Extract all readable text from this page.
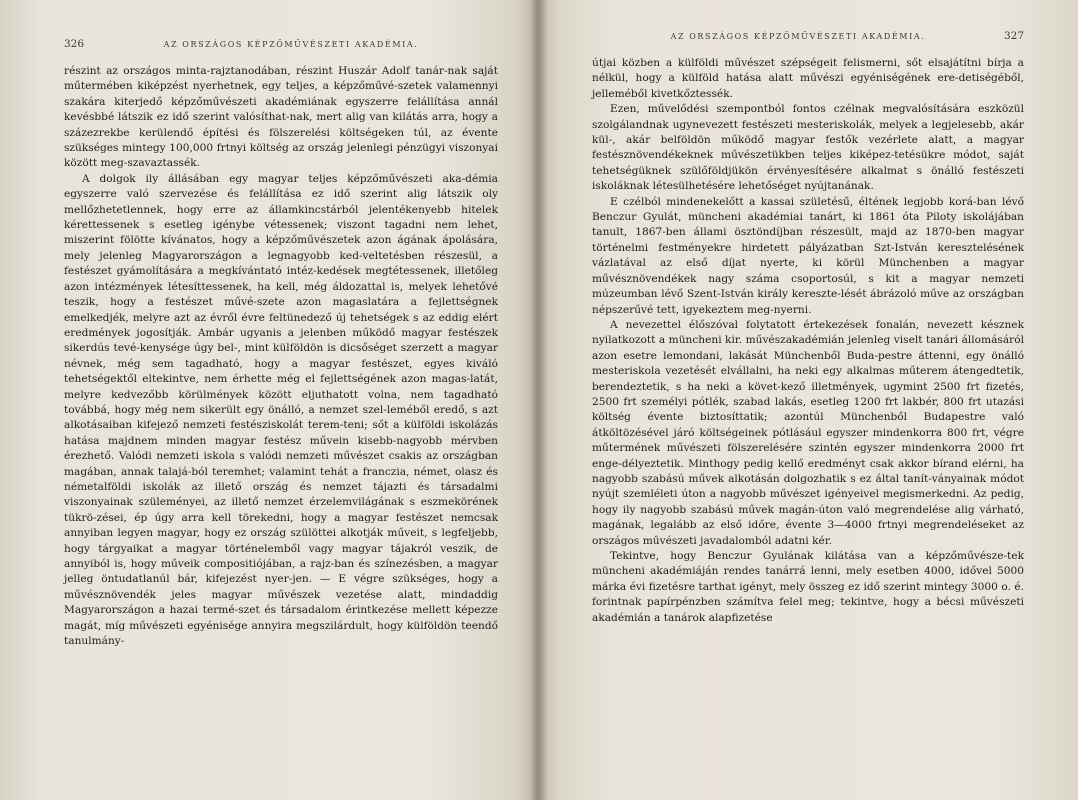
326	AZ ORSZÁGOS KÉPZŐMŰVÉSZETI AKADÉMIA.

részint az országos minta-rajztanodában, részint Huszár Adolf tanár-nak saját műtermében kiképzést nyerhetnek, egy teljes, a képzőművé-szetek valamennyi szakára kiterjedő képzőművészeti akadémiának egyszerre felállítása annál kevésbbé látszik ez idő szerint valósíthat-nak, mert alig van kilátás arra, hogy a százezrekbe kerülendő építési és fölszerelési költségeken túl, az évente szükséges mintegy 100,000 frtnyi költség az ország jelenlegi pénzügyi viszonyai között meg-szavaztassék.

A dolgok ily állásában egy magyar teljes képzőművészeti aka-démia egyszerre való szervezése és felállítása ez idő szerint alig látszik oly mellőzhetetlennek, hogy erre az államkincstárból jelentékenyebb hitelek kérettessenek s esetleg igénybe vétessenek; viszont tagadni nem lehet, miszerint fölötte kívánatos, hogy a képzőművészetek azon ágának ápolására, mely jelenleg Magyarországon a legnagyobb ked-veltetésben részesül, a festészet gyámolítására a megkívántató intéz-kedések megtétessenek, illetőleg azon intézmények létesíttessenek, ha kell, még áldozattal is, melyek lehetővé teszik, hogy a festészet művé-szete azon magaslatára a fejlettségnek emelkedjék, melyre azt az évről évre feltünedező új tehetségek s az eddig elért eredmények jogosítják. Ambár ugyanis a jelenben működő magyar festészek sikerdús tevé-kenysége úgy bel-, mint külföldön is dicsőséget szerzett a magyar névnek, még sem tagadható, hogy a magyar festészet, egyes kiváló tehetségektől eltekintve, nem érhette még el fejlettségének azon magas-latát, melyre kedvezőbb körülmények között eljuthatott volna, nem tagadható továbbá, hogy még nem sikerült egy önálló, a nemzet szel-leméből eredő, s azt alkotásaiban kifejező nemzeti festésziskolát terem-teni; sőt a külföldi iskolázás hatása majdnem minden magyar festész művein kisebb-nagyobb mérvben érezhető. Valódi nemzeti iskola s valódi nemzeti művészet csakis az országban magában, annak talajá-ból teremhet; valamint tehát a franczia, német, olasz és németalföldi iskolák az illető ország és nemzet tájazti és társadalmi viszonyainak szüleményei, az illető nemzet érzelemvilágának s eszmekörének tükrö-zései, ép úgy arra kell törekedni, hogy a magyar festészet nemcsak annyiban legyen magyar, hogy ez ország szülöttei alkotják műveit, s legfeljebb, hogy tárgyaikat a magyar történelemből vagy magyar tájakról veszik, de annyiból is, hogy műveik compositiójában, a rajz-ban és színezésben, a magyar jelleg öntudatlanúl bár, kifejezést nyer-jen. — E végre szükséges, hogy a művésznövendék jeles magyar művészek vezetése alatt, mindaddig Magyarországon a hazai termé-szet és társadalom érintkezése mellett képezze magát, míg művészeti egyénisége annyira megszilárdult, hogy külföldön teendő tanulmány-

AZ ORSZÁGOS KÉPZŐMŰVÉSZETI AKADÉMIA.	327

útjai közben a külföldi művészet szépségeit felismerni, sőt elsajátítni bírja a nélkül, hogy a külföld hatása alatt művészi egyéniségének ere-detiségéből, jelleméből kivetkőztessék.

Ezen, művelődési szempontból fontos czélnak megvalósítására eszközül szolgálandnak ugynevezett festészeti mesteriskolák, melyek a legjelesebb, akár kül-, akár belföldön működő magyar festők vezérlete alatt, a magyar festésznövendékeknek művészetükben teljes kiképez-tetésükre módot, saját tehetségüknek szülőföldjükön érvényesítésére alkalmat s önálló festészeti iskoláknak létesülhetésére lehetőséget nyújtanának.

E czélból mindenekelőtt a kassai születésű, éltének legjobb korá-ban lévő Benczur Gyulát, müncheni akadémiai tanárt, ki 1861 óta Piloty iskolájában tanult, 1867-ben állami ösztöndíjban részesült, majd az 1870-ben magyar történelmi festményekre hirdetett pályázatban Szt-István keresztelésének vázlatával az első díjat nyerte, ki körül Münchenben a magyar művésznövendékek nagy száma csoportosúl, s kit a magyar nemzeti múzeumban lévő Szent-István király kereszte-lését ábrázoló műve az országban népszerűvé tett, igyekeztem meg-nyerni.

A nevezettel élőszóval folytatott értekezések fonalán, nevezett késznek nyilatkozott a müncheni kir. művészakadémián jelenleg viselt tanári állomásáról azon esetre lemondani, lakását Münchenből Buda-pestre áttenni, egy önálló mesteriskola vezetését elvállalni, ha neki egy alkalmas műterem átengedtetik, berendeztetik, s ha neki a követ-kező illetmények, ugymint 2500 frt fizetés, 2500 frt személyi pótlék, szabad lakás, esetleg 1200 frt lakbér, 800 frt utazási költség évente biztosíttatik; azontúl Münchenből Budapestre való átköltözésével járó költségeinek pótlásául egyszer mindenkorra 800 frt, végre műtermének művészeti fölszerelésére szintén egyszer mindenkorra 2000 frt enge-délyeztetik. Minthogy pedig kellő eredményt csak akkor bírand elérni, ha nagyobb szabású művek alkotásán dolgozhatik s ez által tanít-ványainak módot nyújt szemléleti úton a nagyobb művészet igényeivel megismerkedni. Az pedig, hogy ily nagyobb szabású művek magán-úton való megrendelése alig várható, magának, legalább az első időre, évente 3—4000 frtnyi megrendeléseket az országos művészeti javadalomból adatni kér.

Tekintve, hogy Benczur Gyulának kilátása van a képzőművésze-tek müncheni akadémiáján rendes tanárrá lenni, mely esetben 4000, idővel 5000 márka évi fizetésre tarthat igényt, mely összeg ez idő szerint mintegy 3000 o. é. forintnak papírpénzben számítva felel meg; tekintve, hogy a bécsi művészeti akadémián a tanárok alapfizetése
